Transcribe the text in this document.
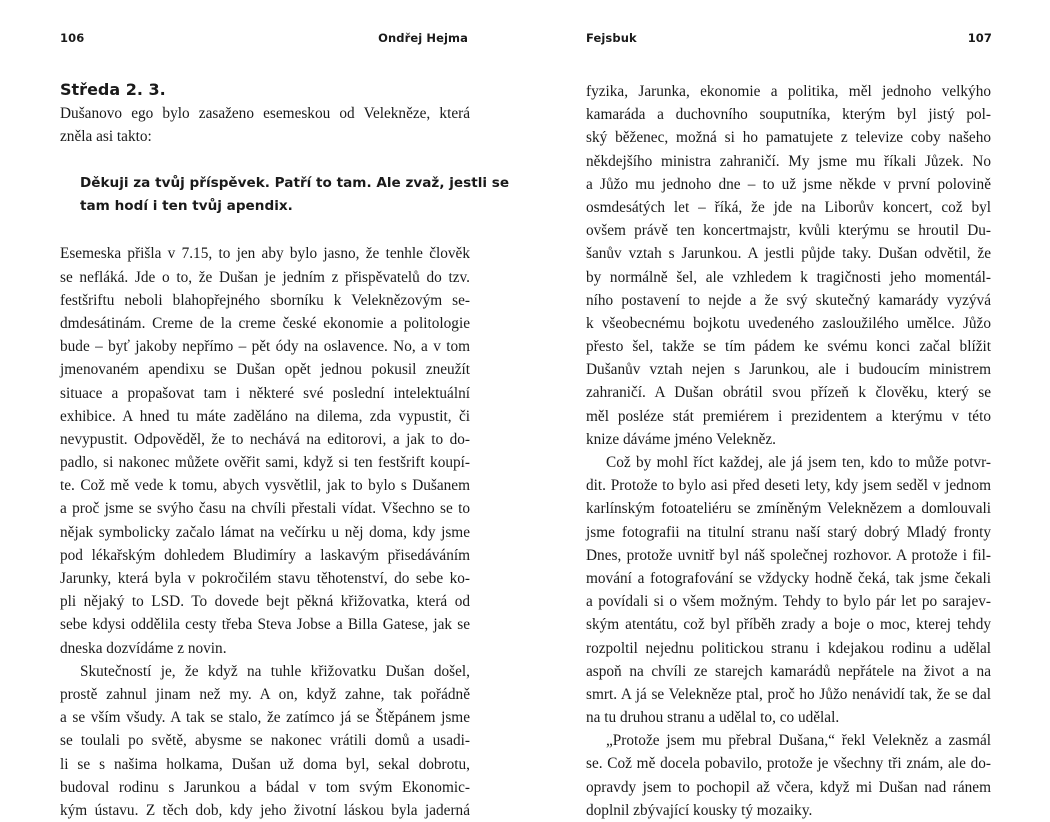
106	Ondřej Hejma
Středa 2. 3.
Dušanovo ego bylo zasaženo esemeskou od Velekněze, která
zněla asi takto:
Děkuji za tvůj příspěvek. Patří to tam. Ale zvaž, jestli se
tam hodí i ten tvůj apendix.
Esemeska přišla v 7.15, to jen aby bylo jasno, že tenhle člověk
se nefláká. Jde o to, že Dušan je jedním z přispěvatelů do tzv.
festšriftu neboli blahopřejného sborníku k Veleknězovým se-
dmdesátinám. Creme de la creme české ekonomie a politologie
bude – byť jakoby nepřímo – pět ódy na oslavence. No, a v tom
jmenovaném apendixu se Dušan opět jednou pokusil zneužít
situace a propašovat tam i některé své poslední intelektuální
exhibice. A hned tu máte zaděláno na dilema, zda vypustit, či
nevypustit. Odpověděl, že to nechává na editorovi, a jak to do-
padlo, si nakonec můžete ověřit sami, když si ten festšrift koupí-
te. Což mě vede k tomu, abych vysvětlil, jak to bylo s Dušanem
a proč jsme se svýho času na chvíli přestali vídat. Všechno se to
nějak symbolicky začalo lámat na večírku u něj doma, kdy jsme
pod lékařským dohledem Bludimíry a laskavým přisedáváním
Jarunky, která byla v pokročilém stavu těhotenství, do sebe ko-
pli nějaký to LSD. To dovede bejt pěkná křižovatka, která od
sebe kdysi oddělila cesty třeba Steva Jobse a Billa Gatese, jak se
dneska dozvídáme z novin.
Skutečností je, že když na tuhle křižovatku Dušan došel,
prostě zahnul jinam než my. A on, když zahne, tak pořádně
a se vším všudy. A tak se stalo, že zatímco já se Štěpánem jsme
se toulali po světě, abysme se nakonec vrátili domů a usadi-
li se s našima holkama, Dušan už doma byl, sekal dobrotu,
budoval rodinu s Jarunkou a bádal v tom svým Ekonomic-
kým ústavu. Z těch dob, kdy jeho životní láskou byla jaderná
Fejsbuk	107
fyzika, Jarunka, ekonomie a politika, měl jednoho velkýho
kamaráda a duchovního souputníka, kterým byl jistý pol-
ský běženec, možná si ho pamatujete z televize coby našeho
někdejšího ministra zahraničí. My jsme mu říkali Jůzek. No
a Jůžo mu jednoho dne – to už jsme někde v první polovině
osmdesátých let – říká, že jde na Liborův koncert, což byl
ovšem právě ten koncertmajstr, kvůli kterýmu se hroutil Du-
šanův vztah s Jarunkou. A jestli půjde taky. Dušan odvětil, že
by normálně šel, ale vzhledem k tragičnosti jeho momentál-
ního postavení to nejde a že svý skutečný kamarády vyzývá
k všeobecnému bojkotu uvedeného zasloužilého umělce. Jůžo
přesto šel, takže se tím pádem ke svému konci začal blížit
Dušanův vztah nejen s Jarunkou, ale i budoucím ministrem
zahraničí. A Dušan obrátil svou přízeň k člověku, který se
měl posléze stát premiérem i prezidentem a kterýmu v této
knize dáváme jméno Velekněz.
Což by mohl říct každej, ale já jsem ten, kdo to může potvr-
dit. Protože to bylo asi před deseti lety, kdy jsem seděl v jednom
karlínským fotoateliéru se zmíněným Veleknězem a domlouvali
jsme fotografii na titulní stranu naší starý dobrý Mladý fronty
Dnes, protože uvnitř byl náš společnej rozhovor. A protože i fil-
mování a fotografování se vždycky hodně čeká, tak jsme čekali
a povídali si o všem možným. Tehdy to bylo pár let po sarajev-
ským atentátu, což byl příběh zrady a boje o moc, kterej tehdy
rozpoltil nejednu politickou stranu i kdejakou rodinu a udělal
aspoň na chvíli ze starejch kamarádů nepřátele na život a na
smrt. A já se Velekněze ptal, proč ho Jůžo nenávidí tak, že se dal
na tu druhou stranu a udělal to, co udělal.
„Protože jsem mu přebral Dušana,“ řekl Velekněz a zasmál
se. Což mě docela pobavilo, protože je všechny tři znám, ale do-
opravdy jsem to pochopil až včera, když mi Dušan nad ránem
doplnil zbývající kousky tý mozaiky.
